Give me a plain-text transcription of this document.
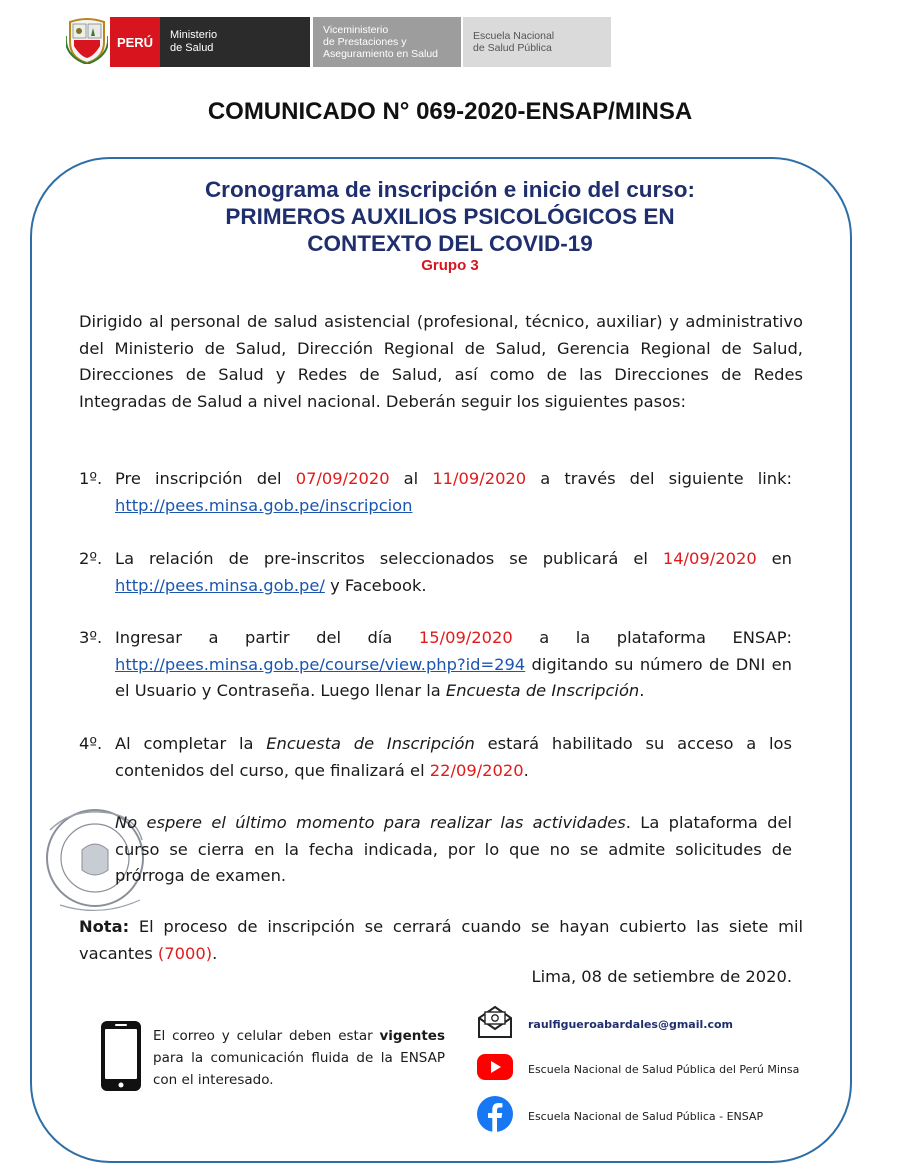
PERÚ Ministerio
de Salud
Viceministerio
de Prestaciones y
Aseguramiento en Salud
Escuela Nacional
de Salud Pública
COMUNICADO N° 069-2020-ENSAP/MINSA
Cronograma de inscripción e inicio del curso:
PRIMEROS AUXILIOS PSICOLÓGICOS EN
CONTEXTO DEL COVID-19
Grupo 3
Dirigido al personal de salud asistencial (profesional, técnico, auxiliar) y administrativo del Ministerio de Salud, Dirección Regional de Salud, Gerencia Regional de Salud, Direcciones de Salud y Redes de Salud, así como de las Direcciones de Redes Integradas de Salud a nivel nacional. Deberán seguir los siguientes pasos:
1º. Pre inscripción del 07/09/2020 al 11/09/2020 a través del siguiente link: http://pees.minsa.gob.pe/inscripcion
2º. La relación de pre-inscritos seleccionados se publicará el 14/09/2020 en http://pees.minsa.gob.pe/ y Facebook.
3º. Ingresar a partir del día 15/09/2020 a la plataforma ENSAP: http://pees.minsa.gob.pe/course/view.php?id=294 digitando su número de DNI en el Usuario y Contraseña. Luego llenar la Encuesta de Inscripción.
4º. Al completar la Encuesta de Inscripción estará habilitado su acceso a los contenidos del curso, que finalizará el 22/09/2020.
No espere el último momento para realizar las actividades. La plataforma del curso se cierra en la fecha indicada, por lo que no se admite solicitudes de prórroga de examen.
Nota: El proceso de inscripción se cerrará cuando se hayan cubierto las siete mil vacantes (7000).
Lima, 08 de setiembre de 2020.
El correo y celular deben estar vigentes para la comunicación fluida de la ENSAP con el interesado.
raulfigueroabardales@gmail.com
Escuela Nacional de Salud Pública del Perú Minsa
Escuela Nacional de Salud Pública - ENSAP
